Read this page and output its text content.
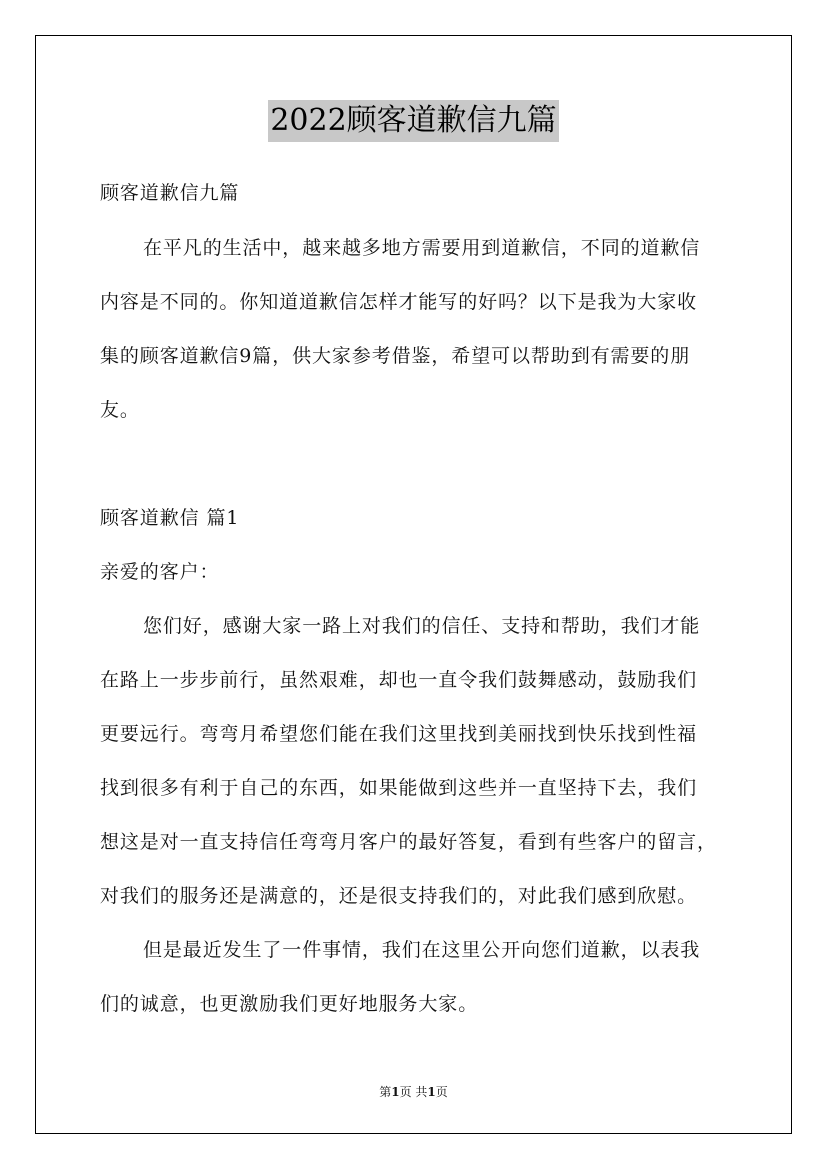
2022顾客道歉信九篇
顾客道歉信九篇
在平凡的生活中，越来越多地方需要用到道歉信，不同的道歉信
内容是不同的。你知道道歉信怎样才能写的好吗？以下是我为大家收
集的顾客道歉信9篇，供大家参考借鉴，希望可以帮助到有需要的朋
友。
顾客道歉信 篇1
亲爱的客户：
您们好，感谢大家一路上对我们的信任、支持和帮助，我们才能
在路上一步步前行，虽然艰难，却也一直令我们鼓舞感动，鼓励我们
更要远行。弯弯月希望您们能在我们这里找到美丽找到快乐找到性福
找到很多有利于自己的东西，如果能做到这些并一直坚持下去，我们
想这是对一直支持信任弯弯月客户的最好答复，看到有些客户的留言，
对我们的服务还是满意的，还是很支持我们的，对此我们感到欣慰。
但是最近发生了一件事情，我们在这里公开向您们道歉，以表我
们的诚意，也更激励我们更好地服务大家。
第1页 共1页
